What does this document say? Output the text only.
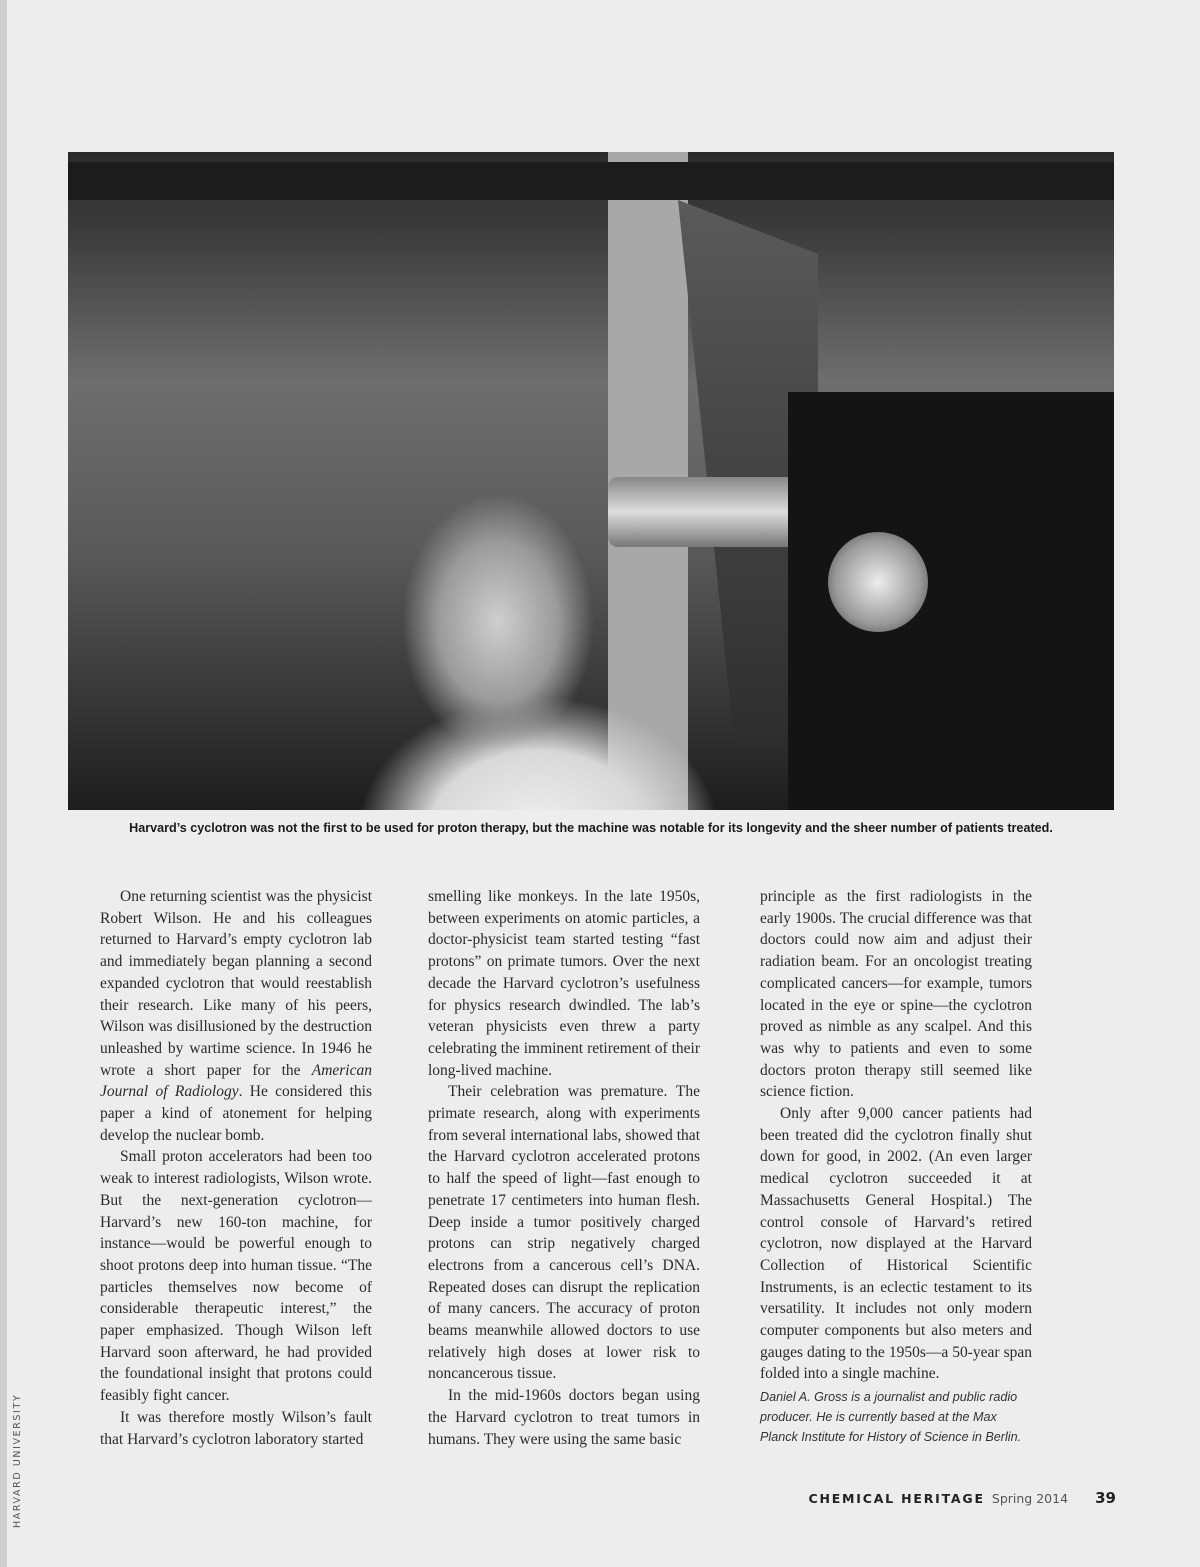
Harvard’s cyclotron was not the first to be used for proton therapy, but the machine was notable for its longevity and the sheer number of patients treated.

One returning scientist was the physicist Robert Wilson. He and his colleagues returned to Harvard’s empty cyclotron lab and immediately began planning a second expanded cyclotron that would reestablish their research. Like many of his peers, Wilson was disillusioned by the destruction unleashed by wartime science. In 1946 he wrote a short paper for the American Journal of Radiology. He considered this paper a kind of atonement for helping develop the nuclear bomb.

Small proton accelerators had been too weak to interest radiologists, Wilson wrote. But the next-generation cyclotron—Harvard’s new 160-ton machine, for instance—would be powerful enough to shoot protons deep into human tissue. “The particles themselves now become of considerable therapeutic interest,” the paper emphasized. Though Wilson left Harvard soon afterward, he had provided the foundational insight that protons could feasibly fight cancer.

It was therefore mostly Wilson’s fault that Harvard’s cyclotron laboratory started

smelling like monkeys. In the late 1950s, between experiments on atomic particles, a doctor-physicist team started testing “fast protons” on primate tumors. Over the next decade the Harvard cyclotron’s usefulness for physics research dwindled. The lab’s veteran physicists even threw a party celebrating the imminent retirement of their long-lived machine.

Their celebration was premature. The primate research, along with experiments from several international labs, showed that the Harvard cyclotron accelerated protons to half the speed of light—fast enough to penetrate 17 centimeters into human flesh. Deep inside a tumor positively charged protons can strip negatively charged electrons from a cancerous cell’s DNA. Repeated doses can disrupt the replication of many cancers. The accuracy of proton beams meanwhile allowed doctors to use relatively high doses at lower risk to noncancerous tissue.

In the mid-1960s doctors began using the Harvard cyclotron to treat tumors in humans. They were using the same basic

principle as the first radiologists in the early 1900s. The crucial difference was that doctors could now aim and adjust their radiation beam. For an oncologist treating complicated cancers—for example, tumors located in the eye or spine—the cyclotron proved as nimble as any scalpel. And this was why to patients and even to some doctors proton therapy still seemed like science fiction.

Only after 9,000 cancer patients had been treated did the cyclotron finally shut down for good, in 2002. (An even larger medical cyclotron succeeded it at Massachusetts General Hospital.) The control console of Harvard’s retired cyclotron, now displayed at the Harvard Collection of Historical Scientific Instruments, is an eclectic testament to its versatility. It includes not only modern computer components but also meters and gauges dating to the 1950s—a 50-year span folded into a single machine.

Daniel A. Gross is a journalist and public radio producer. He is currently based at the Max Planck Institute for History of Science in Berlin.

HARVARD UNIVERSITY	CHEMICAL HERITAGE Spring 2014 39
